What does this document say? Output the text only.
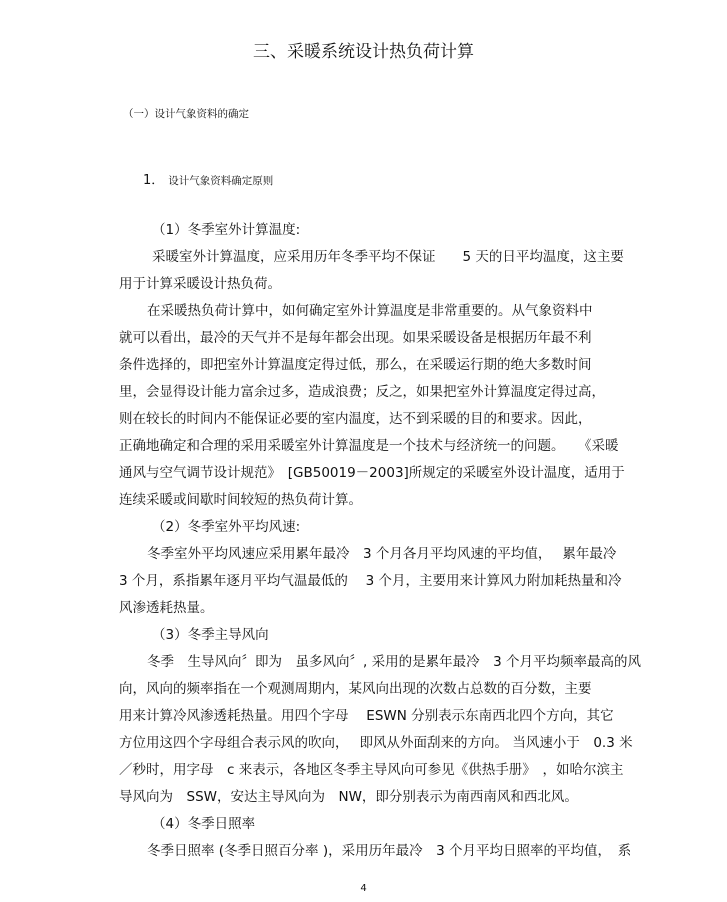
三、采暖系统设计热负荷计算
（一）设计气象资料的确定
1． 设计气象资料确定原则
（1）冬季室外计算温度:
采暖室外计算温度，应采用历年冬季平均不保证　　5 天的日平均温度，这主要
用于计算采暖设计热负荷。
在采暖热负荷计算中，如何确定室外计算温度是非常重要的。从气象资料中
就可以看出，最冷的天气并不是每年都会出现。如果采暖设备是根据历年最不利
条件选择的，即把室外计算温度定得过低，那么，在采暖运行期的绝大多数时间
里，会显得设计能力富余过多，造成浪费；反之，如果把室外计算温度定得过高，
则在较长的时间内不能保证必要的室内温度，达不到采暖的目的和要求。因此，
正确地确定和合理的采用采暖室外计算温度是一个技术与经济统一的问题。　　《采暖
通风与空气调节设计规范》　[GB50019－2003]所规定的采暖室外设计温度，适用于
连续采暖或间歇时间较短的热负荷计算。
（2）冬季室外平均风速:
冬季室外平均风速应采用累年最冷　3 个月各月平均风速的平均值，　 累年最冷
3 个月，系指累年逐月平均气温最低的　 3 个月，主要用来计算风力附加耗热量和冷
风渗透耗热量。
（3）冬季主导风向
冬季　生导风向〞即为　虽多风向〞, 采用的是累年最冷　3 个月平均频率最高的风
向，风向的频率指在一个观测周期内，某风向出现的次数占总数的百分数，主要
用来计算冷风渗透耗热量。用四个字母　 ESWN 分别表示东南西北四个方向，其它
方位用这四个字母组合表示风的吹向，　 即风从外面刮来的方向。 当风速小于　0.3 米
／秒时，用字母　c 来表示，各地区冬季主导风向可参见《供热手册》　，如哈尔滨主
导风向为　SSW，安达主导风向为　NW，即分别表示为南西南风和西北风。
（4）冬季日照率
冬季日照率 (冬季日照百分率 )，采用历年最冷　3 个月平均日照率的平均值，　系
4
